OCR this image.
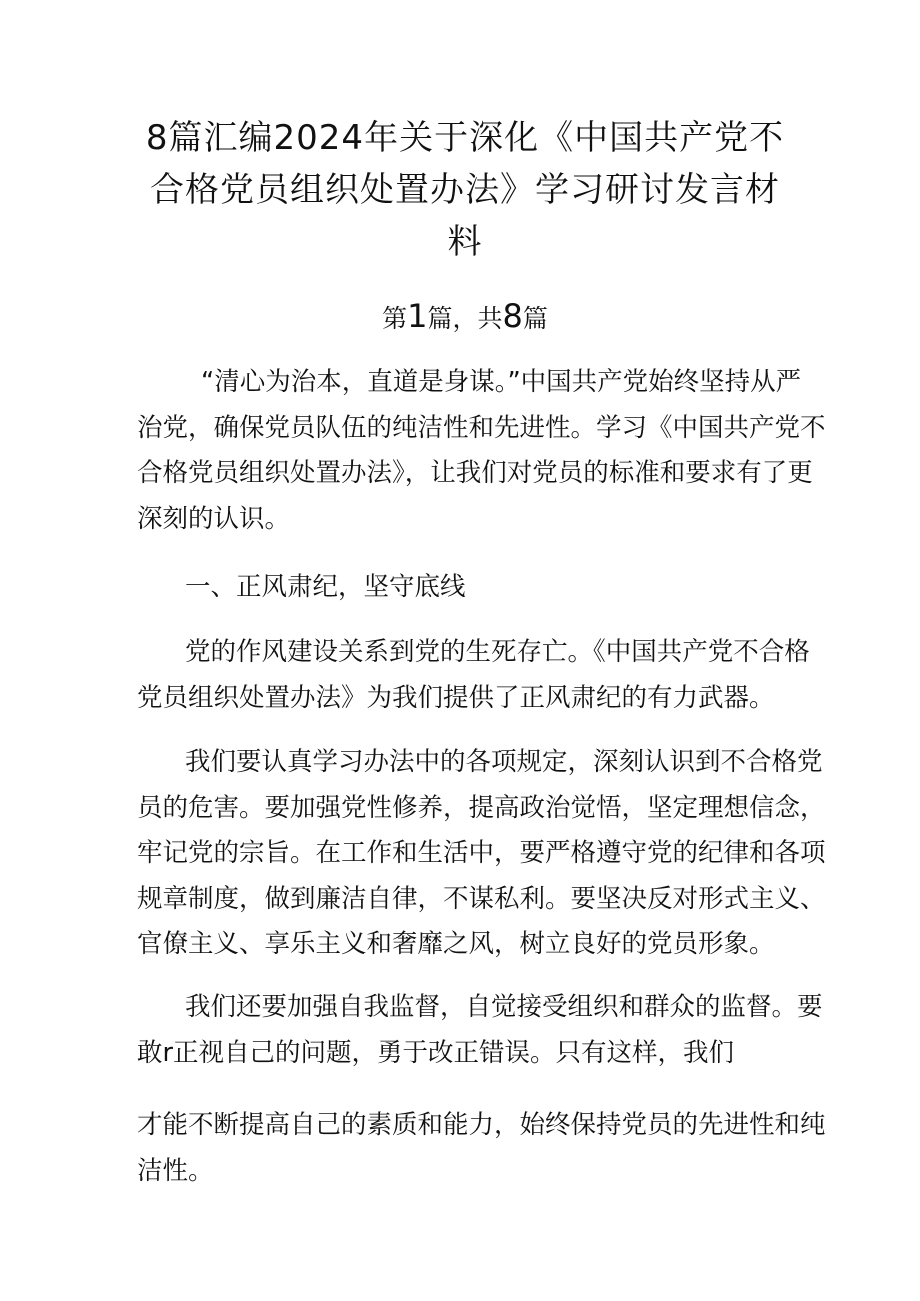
8篇汇编2024年关于深化《中国共产党不
合格党员组织处置办法》学习研讨发言材
料
第1篇，共8篇
“清心为治本，直道是身谋。”中国共产党始终坚持从严
治党，确保党员队伍的纯洁性和先进性。学习《中国共产党不
合格党员组织处置办法》，让我们对党员的标准和要求有了更
深刻的认识。
一、正风肃纪，坚守底线
党的作风建设关系到党的生死存亡。《中国共产党不合格
党员组织处置办法》为我们提供了正风肃纪的有力武器。
我们要认真学习办法中的各项规定，深刻认识到不合格党
员的危害。要加强党性修养，提高政治觉悟，坚定理想信念，
牢记党的宗旨。在工作和生活中，要严格遵守党的纪律和各项
规章制度，做到廉洁自律，不谋私利。要坚决反对形式主义、
官僚主义、享乐主义和奢靡之风，树立良好的党员形象。
我们还要加强自我监督，自觉接受组织和群众的监督。要
敢r正视自己的问题，勇于改正错误。只有这样，我们
才能不断提高自己的素质和能力，始终保持党员的先进性和纯
洁性。
